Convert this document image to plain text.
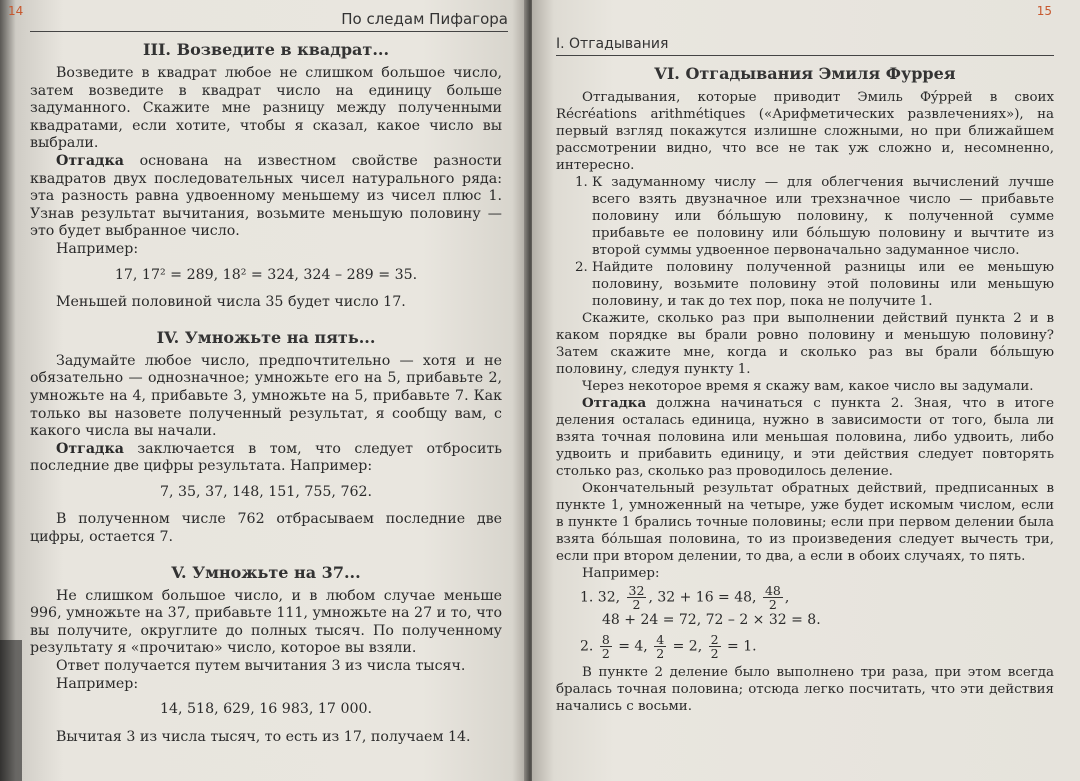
14	По следам Пифагора
III. Возведите в квадрат...

Возведите в квадрат любое не слишком большое число, затем возведите в квадрат число на единицу больше задуманного. Скажите мне разницу между полученными квадратами, если хотите, чтобы я сказал, какое число вы выбрали.

Отгадка основана на известном свойстве разности квадратов двух последовательных чисел натурального ряда: эта разность равна удвоенному меньшему из чисел плюс 1. Узнав результат вычитания, возьмите меньшую половину — это будет выбранное число.

Например:

17, 17² = 289, 18² = 324, 324 – 289 = 35.

Меньшей половиной числа 35 будет число 17.

IV. Умножьте на пять...

Задумайте любое число, предпочтительно — хотя и не обязательно — однозначное; умножьте его на 5, прибавьте 2, умножьте на 4, прибавьте 3, умножьте на 5, прибавьте 7. Как только вы назовете полученный результат, я сообщу вам, с какого числа вы начали.

Отгадка заключается в том, что следует отбросить последние две цифры результата. Например:

7, 35, 37, 148, 151, 755, 762.

В полученном числе 762 отбрасываем последние две цифры, остается 7.

V. Умножьте на 37...

Не слишком большое число, и в любом случае меньше 996, умножьте на 37, прибавьте 111, умножьте на 27 и то, что вы получите, округлите до полных тысяч. По полученному результату я «прочитаю» число, которое вы взяли.

Ответ получается путем вычитания 3 из числа тысяч.

Например:

14, 518, 629, 16 983, 17 000.

Вычитая 3 из числа тысяч, то есть из 17, получаем 14.

15
I. Отгадывания
VI. Отгадывания Эмиля Фуррея

Отгадывания, которые приводит Эмиль Фýррей в своих Récréations arithmétiques («Арифметических развлечениях»), на первый взгляд покажутся излишне сложными, но при ближайшем рассмотрении видно, что все не так уж сложно и, несомненно, интересно.

1. К задуманному числу — для облегчения вычислений лучше всего взять двузначное или трехзначное число — прибавьте половину или бóльшую половину, к полученной сумме прибавьте ее половину или бóльшую половину и вычтите из второй суммы удвоенное первоначально задуманное число.
2. Найдите половину полученной разницы или ее меньшую половину, возьмите половину этой половины или меньшую половину, и так до тех пор, пока не получите 1.

Скажите, сколько раз при выполнении действий пункта 2 и в каком порядке вы брали ровно половину и меньшую половину? Затем скажите мне, когда и сколько раз вы брали бóльшую половину, следуя пункту 1.

Через некоторое время я скажу вам, какое число вы задумали.

Отгадка должна начинаться с пункта 2. Зная, что в итоге деления осталась единица, нужно в зависимости от того, была ли взята точная половина или меньшая половина, либо удвоить, либо удвоить и прибавить единицу, и эти действия следует повторять столько раз, сколько раз проводилось деление.

Окончательный результат обратных действий, предписанных в пункте 1, умноженный на четыре, уже будет искомым числом, если в пункте 1 брались точные половины; если при первом делении была взята бóльшая половина, то из произведения следует вычесть три, если при втором делении, то два, а если в обоих случаях, то пять.

Например:

1. 32, $\frac{32}{2}$ , 32 + 16 = 48, $\frac{48}{2}$ ,
48 + 24 = 72, 72 – 2 × 32 = 8.
2. $\frac{8}{2} = 4$, $\frac{4}{2} = 2$, $\frac{2}{2} = 1$.

В пункте 2 деление было выполнено три раза, при этом всегда бралась точная половина; отсюда легко посчитать, что эти действия начались с восьми.
